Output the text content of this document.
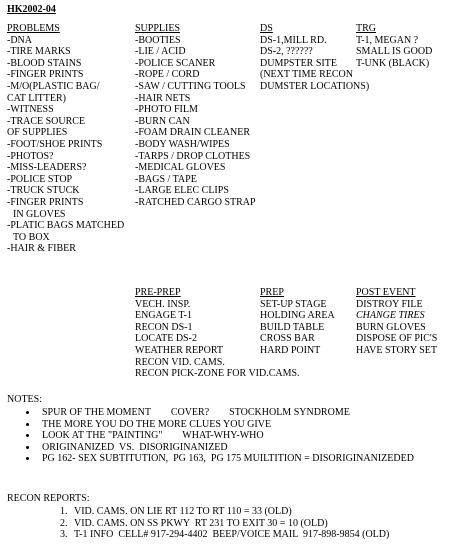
HK2002-04
PROBLEMS
-DNA
-TIRE MARKS
-BLOOD STAINS
-FINGER PRINTS
-M/O(PLASTIC BAG/
CAT LITTER)
-WITNESS
-TRACE SOURCE
OF SUPPLIES
-FOOT/SHOE PRINTS
-PHOTOS?
-MISS-LEADERS?
-POLICE STOP
-TRUCK STUCK
-FINGER PRINTS
IN GLOVES
-PLATIC BAGS MATCHED
TO BOX
-HAIR & FIBER
SUPPLIES
-BOOTIES
-LIE / ACID
-POLICE SCANER
-ROPE / CORD
-SAW / CUTTING TOOLS
-HAIR NETS
-PHOTO FILM
-BURN CAN
-FOAM DRAIN CLEANER
-BODY WASH/WIPES
-TARPS / DROP CLOTHES
-MEDICAL GLOVES
-BAGS / TAPE
-LARGE ELEC CLIPS
-RATCHED CARGO STRAP
DS
DS-1,MILL RD.
DS-2, ??????
DUMPSTER SITE
(NEXT TIME RECON
DUMSTER LOCATIONS)
TRG
T-1, MEGAN ?
SMALL IS GOOD
T-UNK (BLACK)
PRE-PREP
VECH. INSP.
ENGAGE T-1
RECON DS-1
LOCATE DS-2
WEATHER REPORT
RECON VID. CAMS.
RECON PICK-ZONE FOR VID.CAMS.
PREP
SET-UP STAGE
HOLDING AREA
BUILD TABLE
CROSS BAR
HARD POINT
POST EVENT
DISTROY FILE
CHANGE TIRES
BURN GLOVES
DISPOSE OF PIC'S
HAVE STORY SET
NOTES:
• SPUR OF THE MOMENT        COVER?        STOCKHOLM SYNDROME
• THE MORE YOU DO THE MORE CLUES YOU GIVE
• LOOK AT THE "PAINTING"        WHAT-WHY-WHO
• ORIGINANIZED  VS.  DISORIGINANIZED
• PG 162- SEX SUBTITUTION,  PG 163,  PG 175 MUILTITION = DISORIGINANIZEDED
RECON REPORTS:
1. VID. CAMS. ON LIE RT 112 TO RT 110 = 33 (OLD)
2. VID. CAMS. ON SS PKWY  RT 231 TO EXIT 30 = 10 (OLD)
3. T-1 INFO  CELL# 917-294-4402  BEEP/VOICE MAIL  917-898-9854 (OLD)
